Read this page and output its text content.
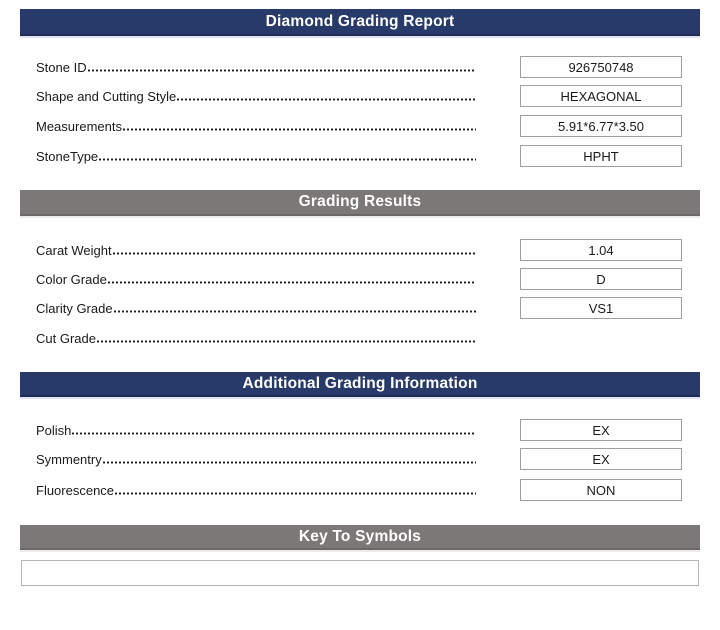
Diamond Grading Report
Stone ID	926750748
Shape and Cutting Style	HEXAGONAL
Measurements	5.91*6.77*3.50
StoneType	HPHT
Grading Results
Carat Weight	1.04
Color Grade	D
Clarity Grade	VS1
Cut Grade
Additional Grading Information
Polish	EX
Symmentry	EX
Fluorescence	NON
Key To Symbols
